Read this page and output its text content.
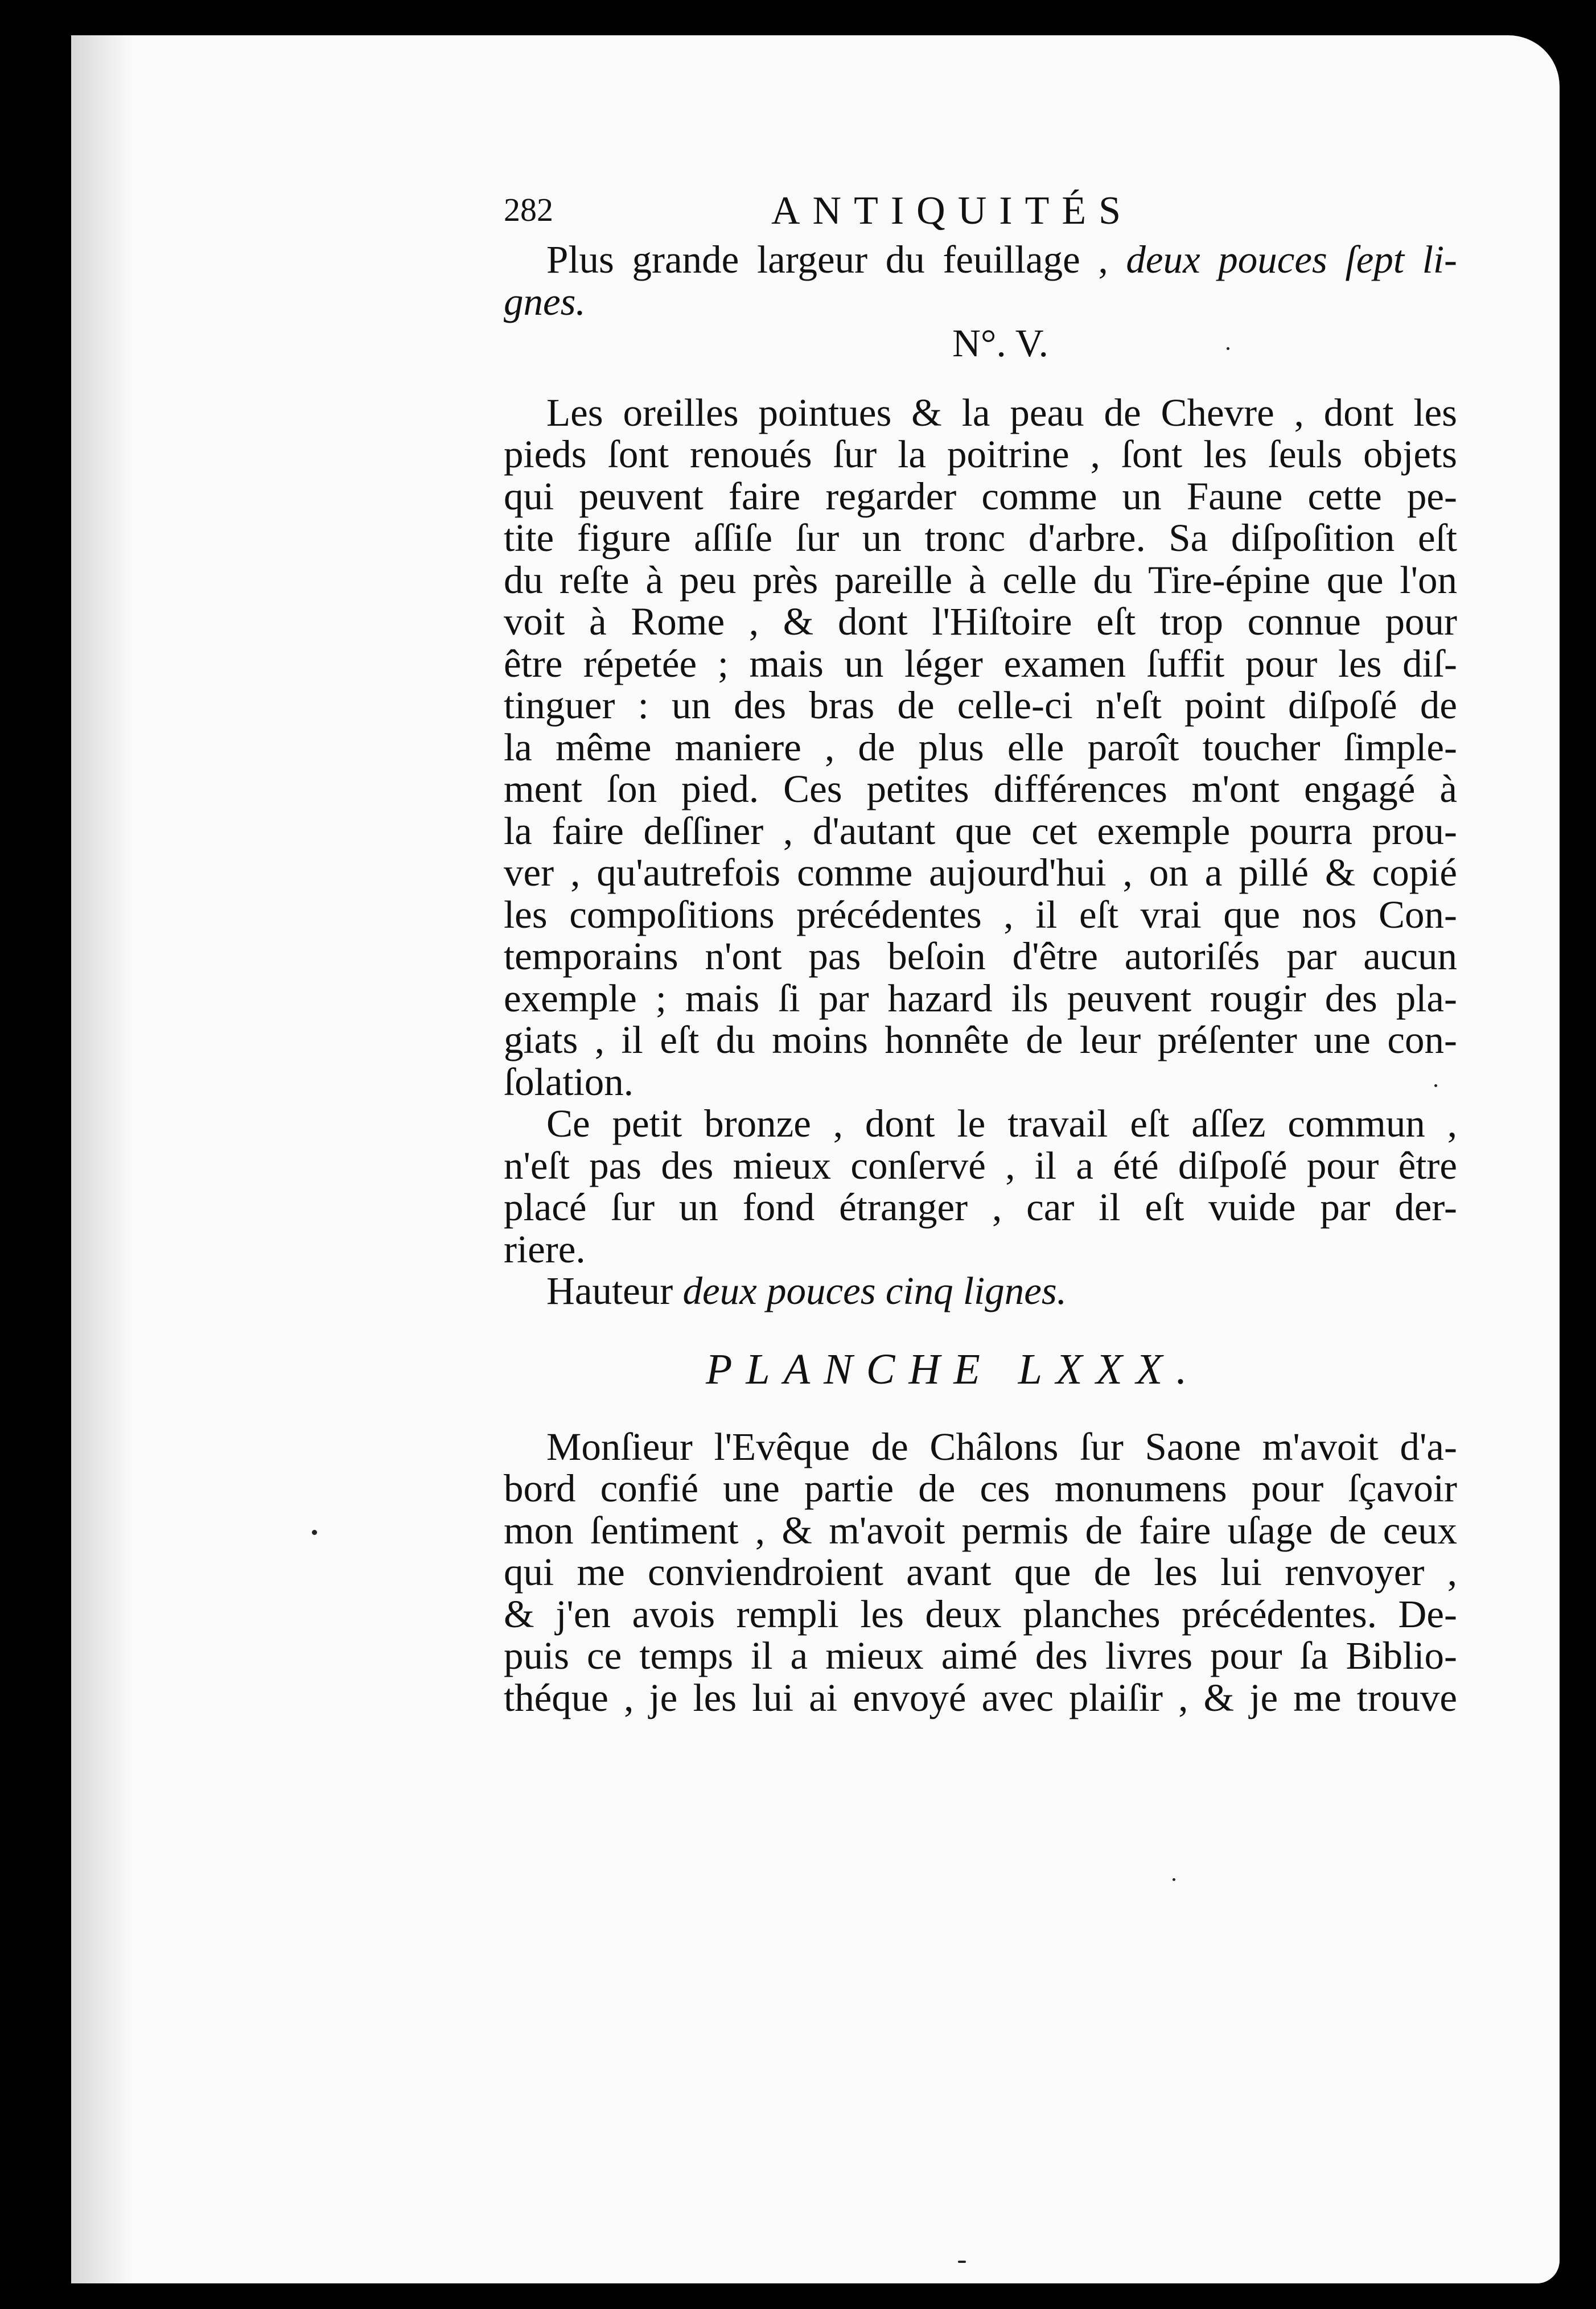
282	ANTIQUITÉS
Plus grande largeur du feuillage , deux pouces ſept li-
gnes.
N°. V.
Les oreilles pointues & la peau de Chevre , dont les
pieds ſont renoués ſur la poitrine , ſont les ſeuls objets
qui peuvent faire regarder comme un Faune cette pe-
tite figure aſſiſe ſur un tronc d'arbre. Sa diſpoſition eſt
du reſte à peu près pareille à celle du Tire-épine que l'on
voit à Rome , & dont l'Hiſtoire eſt trop connue pour
être répetée ; mais un léger examen ſuffit pour les diſ-
tinguer : un des bras de celle-ci n'eſt point diſpoſé de
la même maniere , de plus elle paroît toucher ſimple-
ment ſon pied. Ces petites différences m'ont engagé à
la faire deſſiner , d'autant que cet exemple pourra prou-
ver , qu'autrefois comme aujourd'hui , on a pillé & copié
les compoſitions précédentes , il eſt vrai que nos Con-
temporains n'ont pas beſoin d'être autoriſés par aucun
exemple ; mais ſi par hazard ils peuvent rougir des pla-
giats , il eſt du moins honnête de leur préſenter une con-
ſolation.
Ce petit bronze , dont le travail eſt aſſez commun ,
n'eſt pas des mieux conſervé , il a été diſpoſé pour être
placé ſur un fond étranger , car il eſt vuide par der-
riere.
Hauteur deux pouces cinq lignes.
PLANCHE LXXX.
Monſieur l'Evêque de Châlons ſur Saone m'avoit d'a-
bord confié une partie de ces monumens pour ſçavoir
mon ſentiment , & m'avoit permis de faire uſage de ceux
qui me conviendroient avant que de les lui renvoyer ,
& j'en avois rempli les deux planches précédentes. De-
puis ce temps il a mieux aimé des livres pour ſa Biblio-
théque , je les lui ai envoyé avec plaiſir , & je me trouve
